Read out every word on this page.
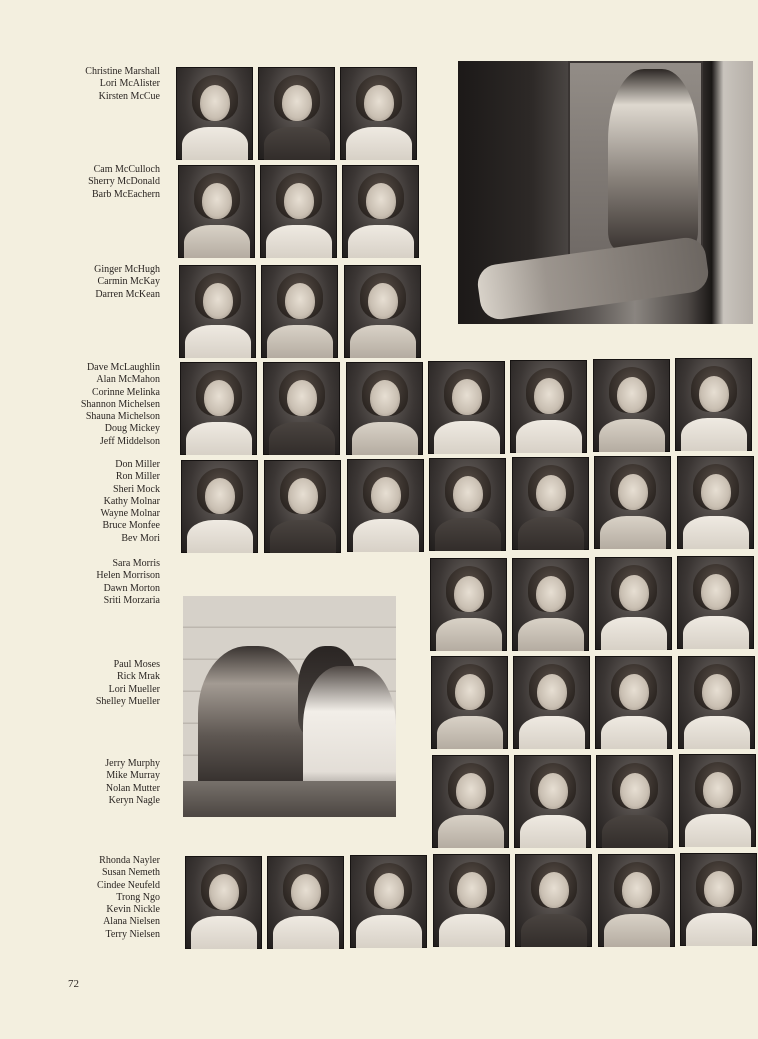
Christine Marshall
Lori McAlister
Kirsten McCue
Cam McCulloch
Sherry McDonald
Barb McEachern
Ginger McHugh
Carmin McKay
Darren McKean
Dave McLaughlin
Alan McMahon
Corinne Melinka
Shannon Michelsen
Shauna Michelson
Doug Mickey
Jeff Middelson
Don Miller
Ron Miller
Sheri Mock
Kathy Molnar
Wayne Molnar
Bruce Monfee
Bev Mori
Sara Morris
Helen Morrison
Dawn Morton
Sriti Morzaria
Paul Moses
Rick Mrak
Lori Mueller
Shelley Mueller
Jerry Murphy
Mike Murray
Nolan Mutter
Keryn Nagle
Rhonda Nayler
Susan Nemeth
Cindee Neufeld
Trong Ngo
Kevin Nickle
Alana Nielsen
Terry Nielsen
72
